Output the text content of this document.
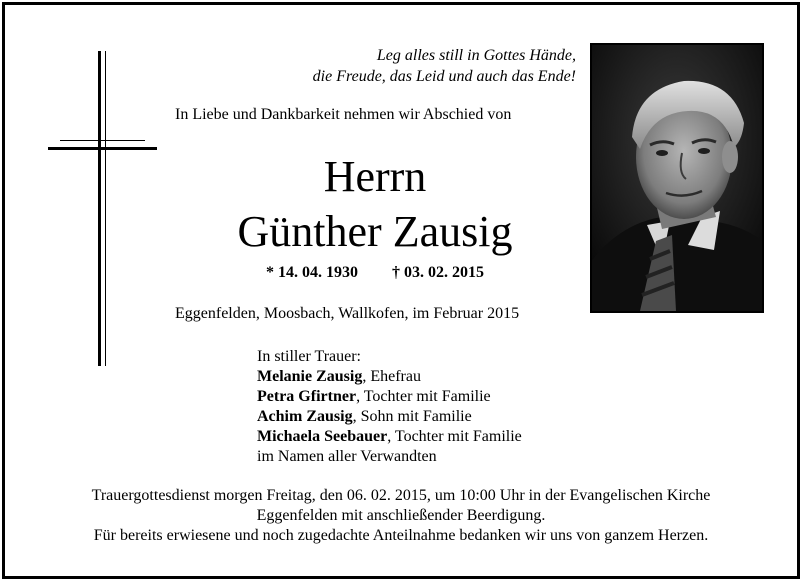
Leg alles still in Gottes Hände,
die Freude, das Leid und auch das Ende!
In Liebe und Dankbarkeit nehmen wir Abschied von
Herrn
Günther Zausig
* 14. 04. 1930 † 03. 02. 2015
Eggenfelden, Moosbach, Wallkofen, im Februar 2015
In stiller Trauer:
Melanie Zausig, Ehefrau
Petra Gfirtner, Tochter mit Familie
Achim Zausig, Sohn mit Familie
Michaela Seebauer, Tochter mit Familie
im Namen aller Verwandten
Trauergottesdienst morgen Freitag, den 06. 02. 2015, um 10:00 Uhr in der Evangelischen Kirche
Eggenfelden mit anschließender Beerdigung.
Für bereits erwiesene und noch zugedachte Anteilnahme bedanken wir uns von ganzem Herzen.
